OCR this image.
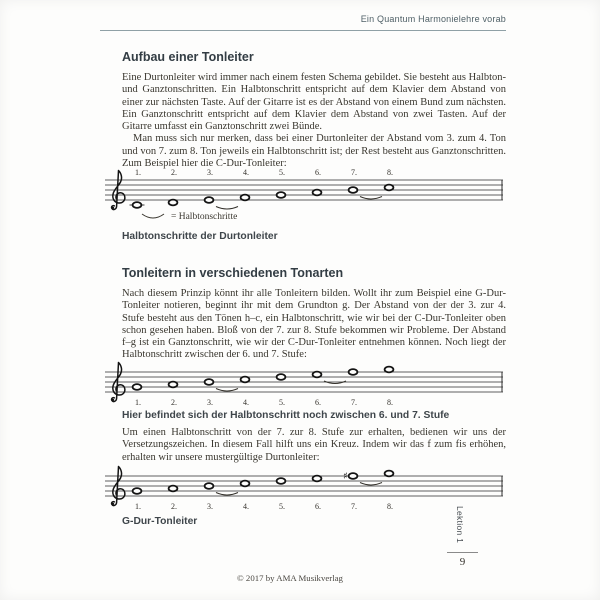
Ein Quantum Harmonielehre vorab
Aufbau einer Tonleiter

Eine Durtonleiter wird immer nach einem festen Schema gebildet. Sie besteht aus Halbton- und Ganztonschritten. Ein Halbtonschritt entspricht auf dem Klavier dem Abstand von einer zur nächsten Taste. Auf der Gitarre ist es der Abstand von einem Bund zum nächsten. Ein Ganztonschritt entspricht auf dem Klavier dem Abstand von zwei Tasten. Auf der Gitarre umfasst ein Ganztonschritt zwei Bünde.

Man muss sich nur merken, dass bei einer Durtonleiter der Abstand vom 3. zum 4. Ton und von 7. zum 8. Ton jeweils ein Halbtonschritt ist; der Rest besteht aus Ganztonschritten. Zum Beispiel hier die C-Dur-Tonleiter:

1.	2.	3.	4.	5.	6.	7.	8.
= Halbtonschritte
Halbtonschritte der Durtonleiter
Tonleitern in verschiedenen Tonarten

Nach diesem Prinzip könnt ihr alle Tonleitern bilden. Wollt ihr zum Beispiel eine G-Dur-Tonleiter notieren, beginnt ihr mit dem Grundton g. Der Abstand von der der 3. zur 4. Stufe besteht aus den Tönen h–c, ein Halbtonschritt, wie wir bei der C-Dur-Tonleiter oben schon gesehen haben. Bloß von der 7. zur 8. Stufe bekommen wir Probleme. Der Abstand f–g ist ein Ganztonschritt, wie wir der C-Dur-Tonleiter entnehmen können. Noch liegt der Halbtonschritt zwischen der 6. und 7. Stufe:

1.	2.	3.	4.	5.	6.	7.	8.
Hier befindet sich der Halbtonschritt noch zwischen 6. und 7. Stufe

Um einen Halbtonschritt von der 7. zur 8. Stufe zur erhalten, bedienen wir uns der Versetzungszeichen. In diesem Fall hilft uns ein Kreuz. Indem wir das f zum fis erhöhen, erhalten wir unsere mustergültige Durtonleiter:

1.	2.	3.	4.	5.	6.	7.	8.
♯
G-Dur-Tonleiter	Lektion 1
9
© 2017 by AMA Musikverlag
